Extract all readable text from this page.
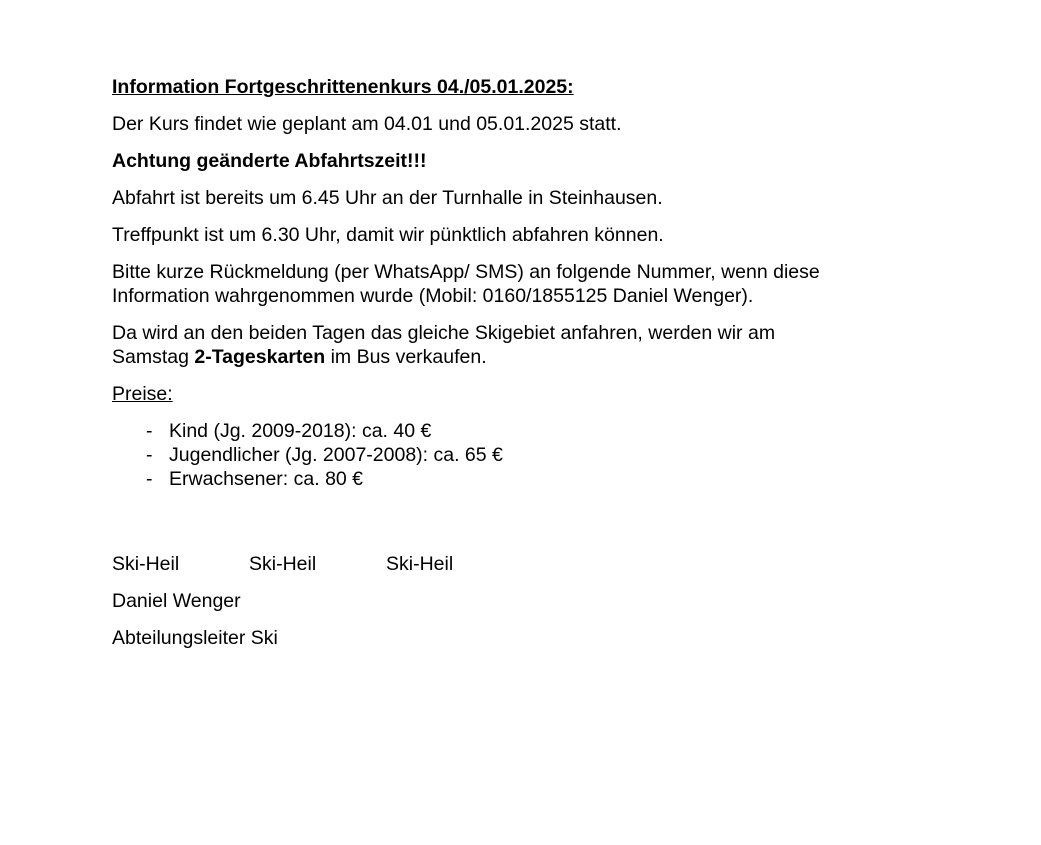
Information Fortgeschrittenenkurs 04./05.01.2025:

Der Kurs findet wie geplant am 04.01 und 05.01.2025 statt.

Achtung geänderte Abfahrtszeit!!!

Abfahrt ist bereits um 6.45 Uhr an der Turnhalle in Steinhausen.

Treffpunkt ist um 6.30 Uhr, damit wir pünktlich abfahren können.

Bitte kurze Rückmeldung (per WhatsApp/ SMS) an folgende Nummer, wenn diese

Information wahrgenommen wurde (Mobil: 0160/1855125 Daniel Wenger).

Da wird an den beiden Tagen das gleiche Skigebiet anfahren, werden wir am

Samstag 2-Tageskarten im Bus verkaufen.

Preise:

- Kind (Jg. 2009-2018): ca. 40 €
- Jugendlicher (Jg. 2007-2008): ca. 65 €
- Erwachsener: ca. 80 €
Ski-Heil	Ski-Heil	Ski-Heil

Daniel Wenger

Abteilungsleiter Ski
